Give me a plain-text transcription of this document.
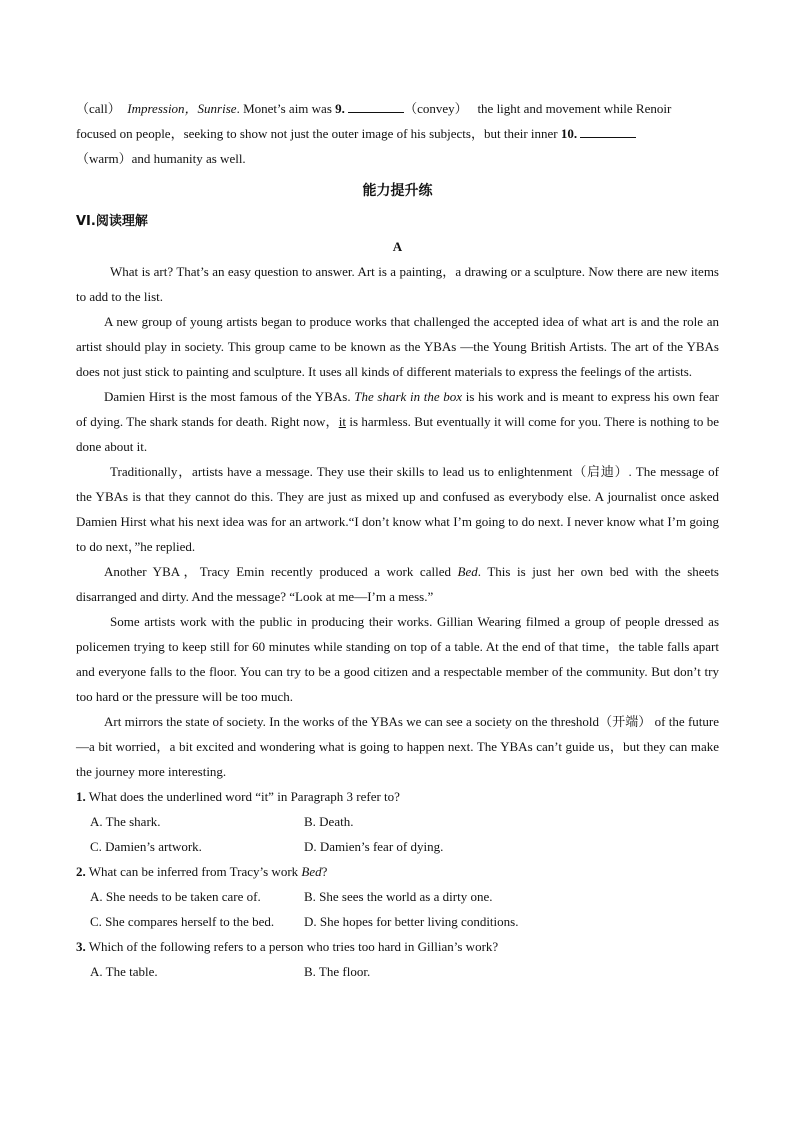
（call） Impression，Sunrise. Monet’s aim was 9.	（convey）   the light and movement while Renoir
focused on people，seeking to show not just the outer image of his subjects，but their inner 10.
（warm）and humanity as well.
能力提升练
VI.阅读理解
A

What is art? That’s an easy question to answer. Art is a painting，a drawing or a sculpture. Now there are new items to add to the list.

A new group of young artists began to produce works that challenged the accepted idea of what art is and the role an artist should play in society. This group came to be known as the YBAs —the Young British Artists. The art of the YBAs does not just stick to painting and sculpture. It uses all kinds of different materials to express the feelings of the artists.

Damien Hirst is the most famous of the YBAs. The shark in the box is his work and is meant to express his own fear of dying. The shark stands for death. Right now，it is harmless. But eventually it will come for you. There is nothing to be done about it.

Traditionally，artists have a message. They use their skills to lead us to enlightenment（启迪）. The message of the YBAs is that they cannot do this. They are just as mixed up and confused as everybody else. A journalist once asked Damien Hirst what his next idea was for an artwork.“I don’t know what I’m going to do next. I never know what I’m going to do next，”he replied.

Another YBA，Tracy Emin recently produced a work called Bed. This is just her own bed with the sheets disarranged and dirty. And the message? “Look at me—I’m a mess.”

Some artists work with the public in producing their works. Gillian Wearing filmed a group of people dressed as policemen trying to keep still for 60 minutes while standing on top of a table. At the end of that time，the table falls apart and everyone falls to the floor. You can try to be a good citizen and a respectable member of the community. But don’t try too hard or the pressure will be too much.

Art mirrors the state of society. In the works of the YBAs we can see a society on the threshold（开端） of the future—a bit worried，a bit excited and wondering what is going to happen next. The YBAs can’t guide us，but they can make the journey more interesting.

1. What does the underlined word “it” in Paragraph 3 refer to?
A. The shark.	B. Death.
C. Damien’s artwork.	D. Damien’s fear of dying.
2. What can be inferred from Tracy’s work Bed?
A. She needs to be taken care of.	B. She sees the world as a dirty one.
C. She compares herself to the bed.	D. She hopes for better living conditions.
3. Which of the following refers to a person who tries too hard in Gillian’s work?
A. The table.	B. The floor.
